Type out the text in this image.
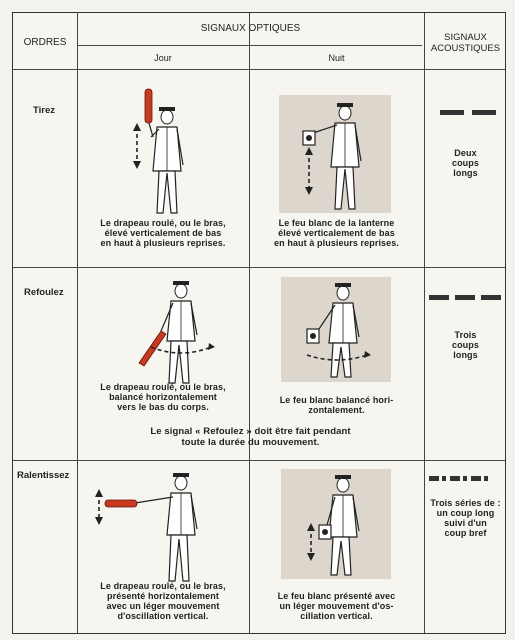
ORDRES
SIGNAUX OPTIQUES
SIGNAUX
ACOUSTIQUES
Jour	Nuit
Tirez
Refoulez
Ralentissez
Le drapeau roulé, ou le bras,
élevé verticalement de bas
en haut à plusieurs reprises.
Le feu blanc de la lanterne
élevé verticalement de bas
en haut à plusieurs reprises.
Deux
coups
longs
Le drapeau roulé, ou le bras,
balancé horizontalement
vers le bas du corps.
Le feu blanc balancé hori-
zontalement.
Le signal « Refoulez » doit être fait pendant
toute la durée du mouvement.
Trois
coups
longs
Le drapeau roulé, ou le bras,
présenté horizontalement
avec un léger mouvement
d'oscillation vertical.
Le feu blanc présenté avec
un léger mouvement d'os-
cillation vertical.
Trois séries de :
un coup long
suivi d'un
coup bref
